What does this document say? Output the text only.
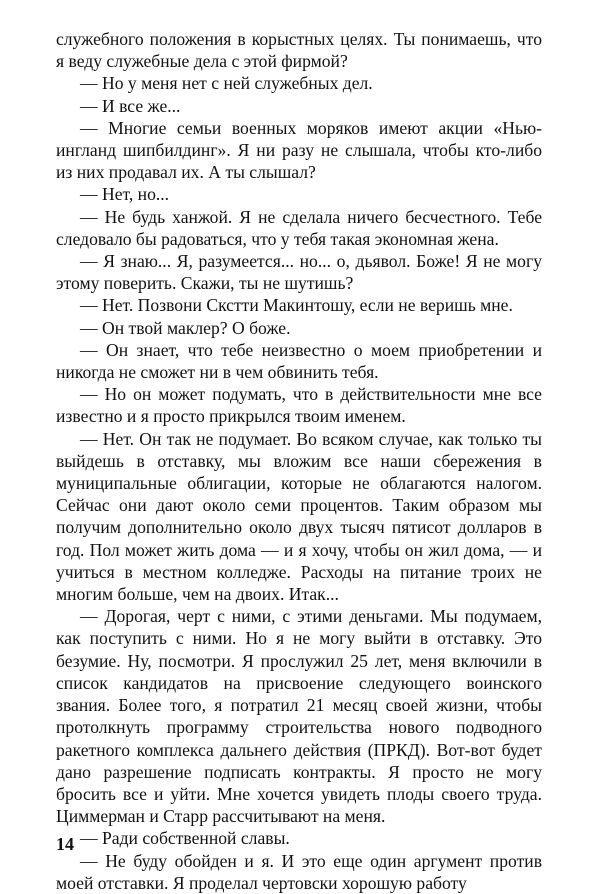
служебного положения в корыстных целях. Ты понимаешь, что я веду служебные дела с этой фирмой?

— Но у меня нет с ней служебных дел.

— И все же...

— Многие семьи военных моряков имеют акции «Нью-ингланд шипбилдинг». Я ни разу не слышала, чтобы кто-либо из них продавал их. А ты слышал?

— Нет, но...

— Не будь ханжой. Я не сделала ничего бесчестного. Тебе следовало бы радоваться, что у тебя такая экономная жена.

— Я знаю... Я, разумеется... но... о, дьявол. Боже! Я не могу этому поверить. Скажи, ты не шутишь?

— Нет. Позвони Скстти Макинтошу, если не веришь мне.

— Он твой маклер? О боже.

— Он знает, что тебе неизвестно о моем приобретении и никогда не сможет ни в чем обвинить тебя.

— Но он может подумать, что в действительности мне все известно и я просто прикрылся твоим именем.

— Нет. Он так не подумает. Во всяком случае, как только ты выйдешь в отставку, мы вложим все наши сбережения в муниципальные облигации, которые не облагаются налогом. Сейчас они дают около семи процентов. Таким образом мы получим дополнительно около двух тысяч пятисот долларов в год. Пол может жить дома — и я хочу, чтобы он жил дома, — и учиться в местном колледже. Расходы на питание троих не многим больше, чем на двоих. Итак...

— Дорогая, черт с ними, с этими деньгами. Мы подумаем, как поступить с ними. Но я не могу выйти в отставку. Это безумие. Ну, посмотри. Я прослужил 25 лет, меня включили в список кандидатов на присвоение следующего воинского звания. Более того, я потратил 21 месяц своей жизни, чтобы протолкнуть программу строительства нового подводного ракетного комплекса дальнего действия (ПРКД). Вот-вот будет дано разрешение подписать контракты. Я просто не могу бросить все и уйти. Мне хочется увидеть плоды своего труда. Циммерман и Старр рассчитывают на меня.

— Ради собственной славы.

— Не буду обойден и я. И это еще один аргумент против моей отставки. Я проделал чертовски хорошую работу

14
